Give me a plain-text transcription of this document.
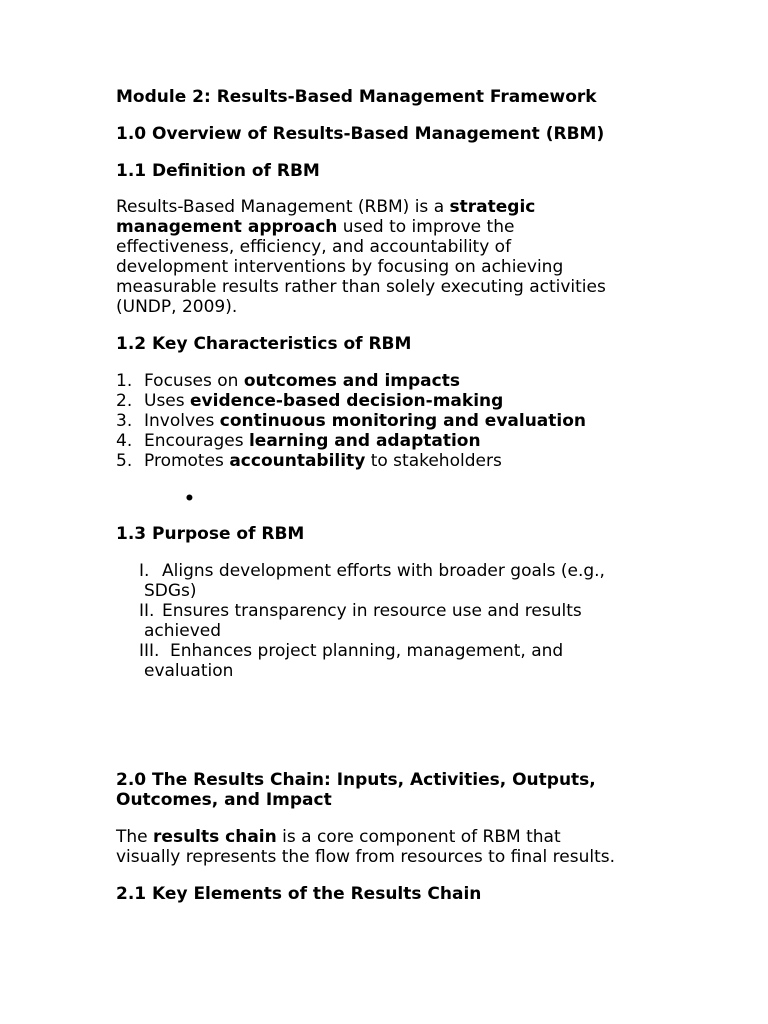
Module 2: Results-Based Management Framework
1.0 Overview of Results-Based Management (RBM)
1.1 Definition of RBM
Results-Based Management (RBM) is a strategic
management approach used to improve the
effectiveness, efficiency, and accountability of
development interventions by focusing on achieving
measurable results rather than solely executing activities
(UNDP, 2009).
1.2 Key Characteristics of RBM
1. Focuses on outcomes and impacts
2. Uses evidence-based decision-making
3. Involves continuous monitoring and evaluation
4. Encourages learning and adaptation
5. Promotes accountability to stakeholders
•
1.3 Purpose of RBM
I. Aligns development efforts with broader goals (e.g.,
SDGs)
II. Ensures transparency in resource use and results
achieved
III. Enhances project planning, management, and
evaluation
2.0 The Results Chain: Inputs, Activities, Outputs,
Outcomes, and Impact
The results chain is a core component of RBM that
visually represents the flow from resources to final results.
2.1 Key Elements of the Results Chain
